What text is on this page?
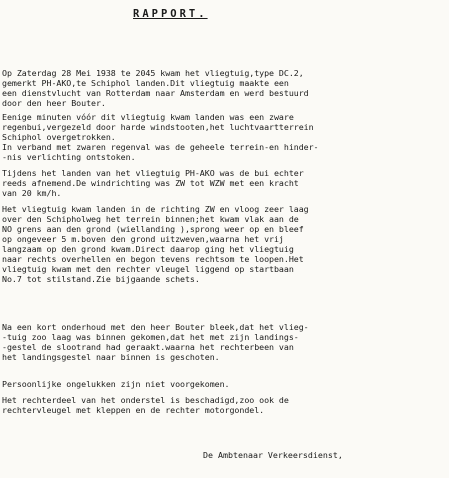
RAPPORT.
Op Zaterdag 28 Mei 1938 te 2045 kwam het vliegtuig,type DC.2,
gemerkt PH-AKO,te Schiphol landen.Dit vliegtuig maakte een
een dienstvlucht van Rotterdam naar Amsterdam en werd bestuurd
door den heer Bouter.
Eenige minuten vóór dit vliegtuig kwam landen was een zware
regenbui,vergezeld door harde windstooten,het luchtvaartterrein
Schiphol overgetrokken.
In verband met zwaren regenval was de geheele terrein-en hinder-
-nis verlichting ontstoken.
Tijdens het landen van het vliegtuig PH-AKO was de bui echter
reeds afnemend.De windrichting was ZW tot WZW met een kracht
van 20 km/h.
Het vliegtuig kwam landen in de richting ZW en vloog zeer laag
over den Schipholweg het terrein binnen;het kwam vlak aan de
NO grens aan den grond (wiellanding ),sprong weer op en bleef
op ongeveer 5 m.boven den grond uitzweven,waarna het vrij
langzaam op den grond kwam.Direct daarop ging het vliegtuig
naar rechts overhellen en begon tevens rechtsom te loopen.Het
vliegtuig kwam met den rechter vleugel liggend op startbaan
No.7 tot stilstand.Zie bijgaande schets.
Na een kort onderhoud met den heer Bouter bleek,dat het vlieg-
-tuig zoo laag was binnen gekomen,dat het met zijn landings-
-gestel de slootrand had geraakt.waarna het rechterbeen van
het landingsgestel naar binnen is geschoten.
Persoonlijke ongelukken zijn niet voorgekomen.
Het rechterdeel van het onderstel is beschadigd,zoo ook de
rechtervleugel met kleppen en de rechter motorgondel.
De Ambtenaar Verkeersdienst,
